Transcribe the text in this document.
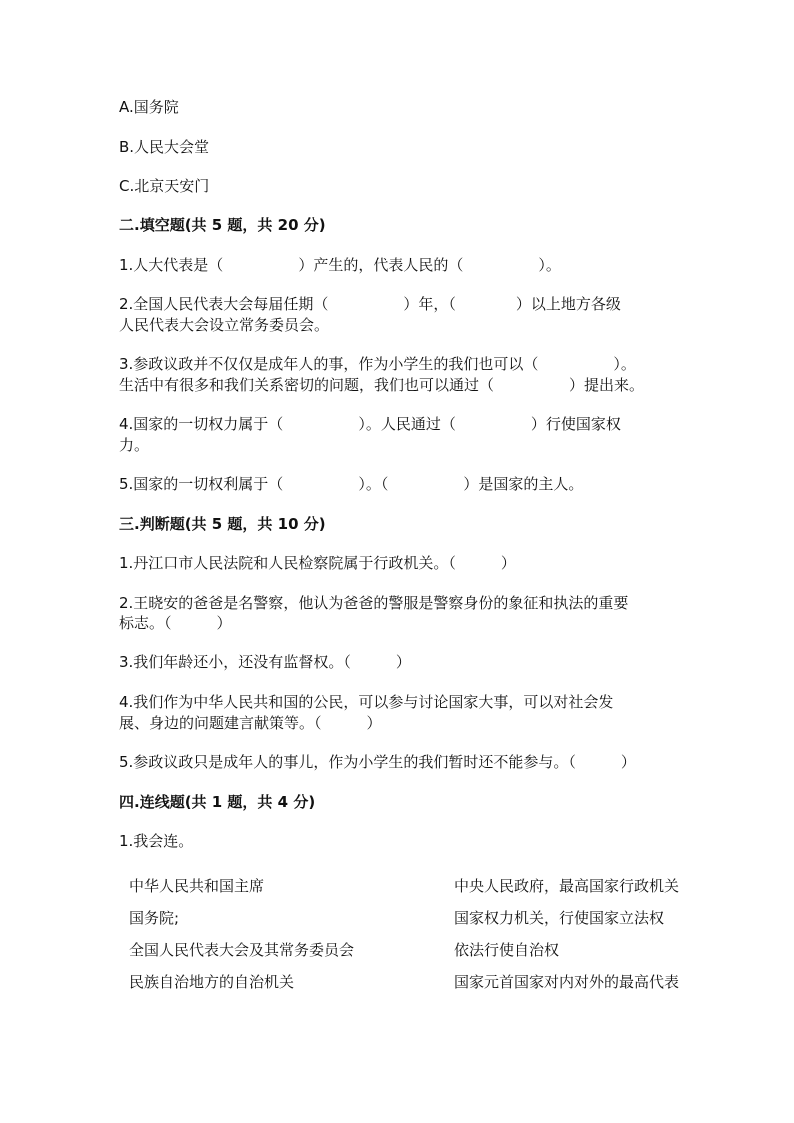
A.国务院
B.人民大会堂
C.北京天安门
二.填空题(共 5 题，共 20 分)
1.人大代表是（　　　　　）产生的，代表人民的（　　　　　）。
2.全国人民代表大会每届任期（　　　　　）年，（　　　　）以上地方各级
人民代表大会设立常务委员会。
3.参政议政并不仅仅是成年人的事，作为小学生的我们也可以（　　　　　）。
生活中有很多和我们关系密切的问题，我们也可以通过（　　　　　）提出来。
4.国家的一切权力属于（　　　　　）。人民通过（　　　　　）行使国家权
力。
5.国家的一切权利属于（　　　　　）。（　　　　　）是国家的主人。
三.判断题(共 5 题，共 10 分)
1.丹江口市人民法院和人民检察院属于行政机关。（　　　）
2.王晓安的爸爸是名警察，他认为爸爸的警服是警察身份的象征和执法的重要
标志。（　　　）
3.我们年龄还小，还没有监督权。（　　　）
4.我们作为中华人民共和国的公民，可以参与讨论国家大事，可以对社会发
展、身边的问题建言献策等。（　　　）
5.参政议政只是成年人的事儿，作为小学生的我们暂时还不能参与。（　　　）
四.连线题(共 1 题，共 4 分)
1.我会连。
中华人民共和国主席
国务院;
全国人民代表大会及其常务委员会
民族自治地方的自治机关
中央人民政府，最高国家行政机关
国家权力机关，行使国家立法权
依法行使自治权
国家元首国家对内对外的最高代表
